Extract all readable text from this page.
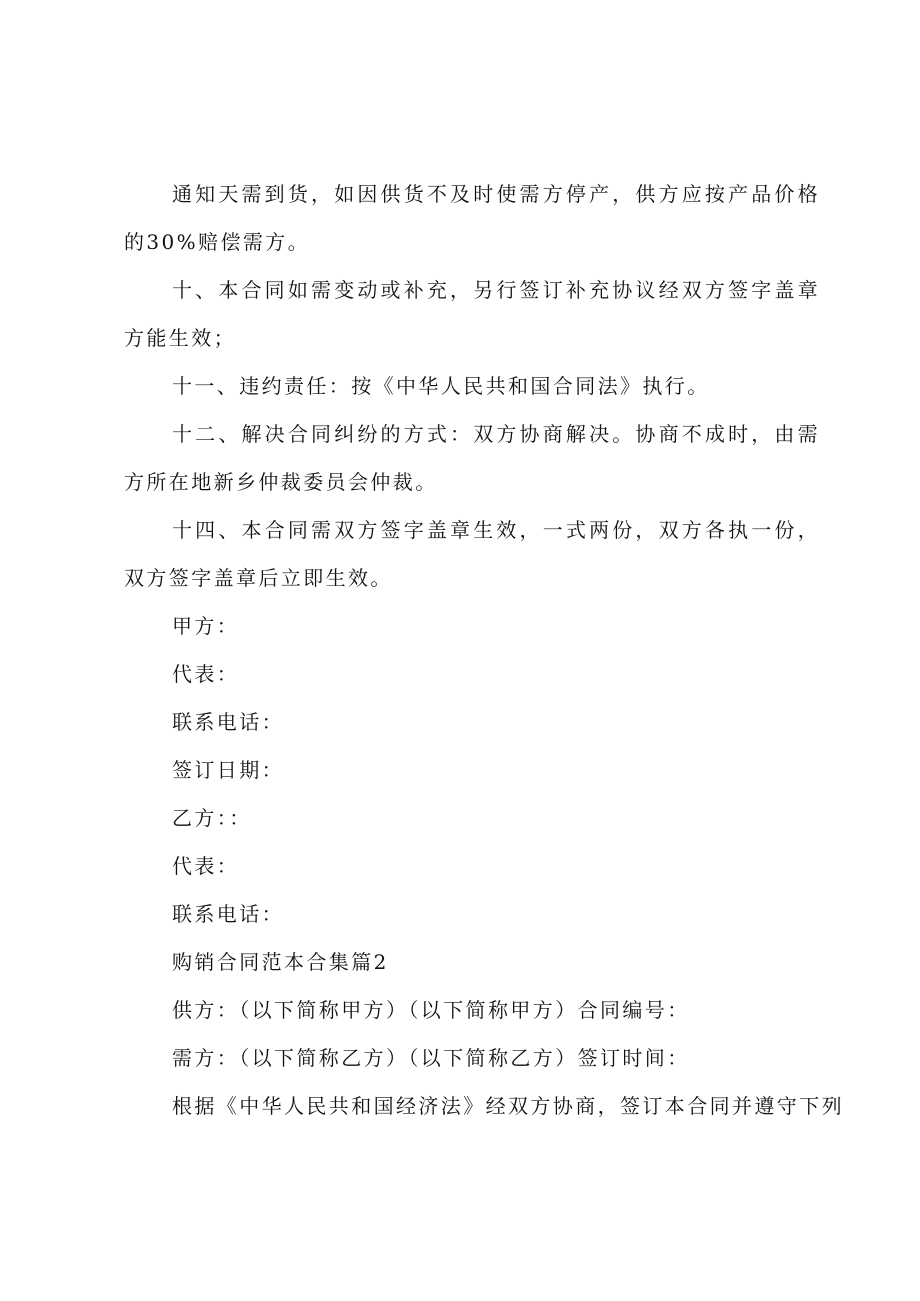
通知天需到货，如因供货不及时使需方停产，供方应按产品价格的30%赔偿需方。

十、本合同如需变动或补充，另行签订补充协议经双方签字盖章方能生效；

十一、违约责任：按《中华人民共和国合同法》执行。

十二、解决合同纠纷的方式：双方协商解决。协商不成时，由需方所在地新乡仲裁委员会仲裁。

十四、本合同需双方签字盖章生效，一式两份，双方各执一份，双方签字盖章后立即生效。

甲方：

代表：

联系电话：

签订日期：

乙方：：

代表：

联系电话：

购销合同范本合集篇2

供方：（以下简称甲方）（以下简称甲方）合同编号：

需方：（以下简称乙方）（以下简称乙方）签订时间：

根据《中华人民共和国经济法》经双方协商，签订本合同并遵守下列
